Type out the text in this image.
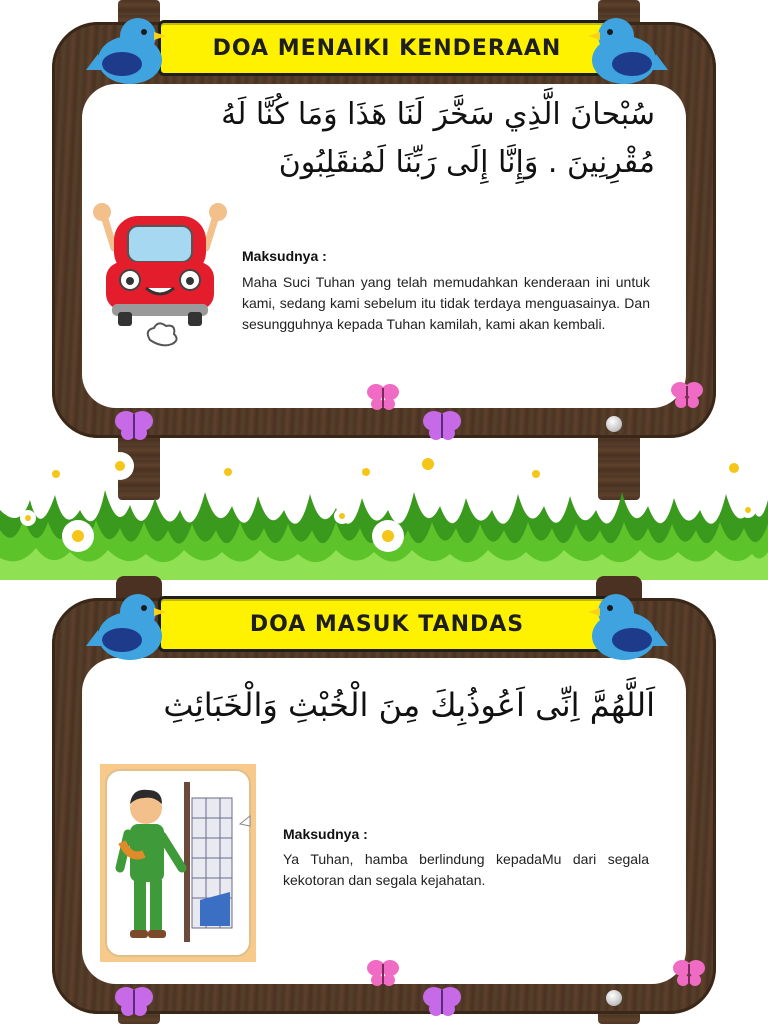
DOA MENAIKI KENDERAAN
سُبْحانَ الَّذِي سَخَّرَ لَنَا هَذَا وَمَا كُنَّا لَهُ
مُقْرِنِينَ . وَإِنَّا إِلَى رَبِّنَا لَمُنقَلِبُونَ
Maksudnya :
Maha Suci Tuhan yang telah memudahkan kenderaan ini untuk kami, sedang kami sebelum itu tidak terdaya menguasainya. Dan sesungguhnya kepada Tuhan kamilah, kami akan kembali.
DOA MASUK TANDAS
اَللَّهُمَّ اِنِّى اَعُوذُبِكَ مِنَ الْخُبْثِ وَالْخَبَائِثِ
Maksudnya :
Ya Tuhan, hamba berlindung kepadaMu dari segala kekotoran dan segala kejahatan.
